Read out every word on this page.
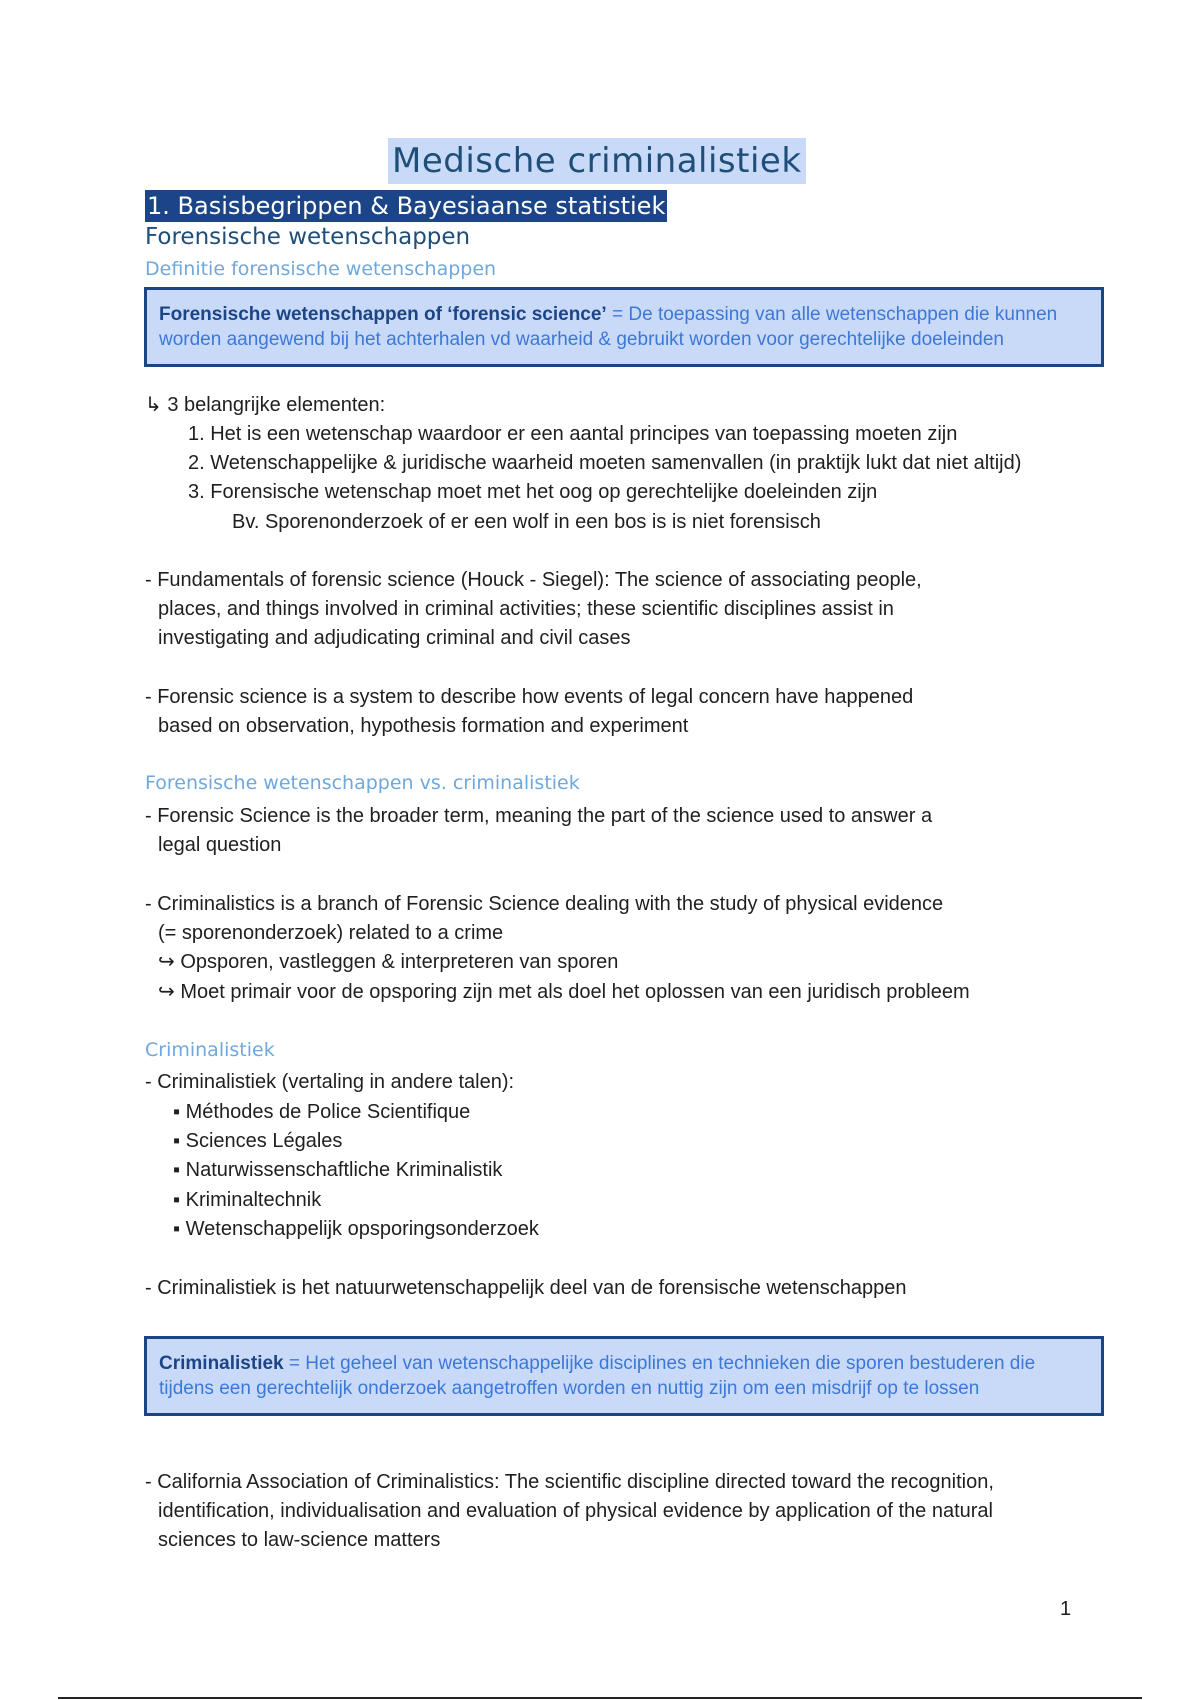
Medische criminalistiek
1. Basisbegrippen & Bayesiaanse statistiek
Forensische wetenschappen
Definitie forensische wetenschappen
Forensische wetenschappen of ‘forensic science’ = De toepassing van alle wetenschappen die kunnen worden aangewend bij het achterhalen vd waarheid & gebruikt worden voor gerechtelijke doeleinden
↳ 3 belangrijke elementen:
1. Het is een wetenschap waardoor er een aantal principes van toepassing moeten zijn
2. Wetenschappelijke & juridische waarheid moeten samenvallen (in praktijk lukt dat niet altijd)
3. Forensische wetenschap moet met het oog op gerechtelijke doeleinden zijn
Bv. Sporenonderzoek of er een wolf in een bos is is niet forensisch
- Fundamentals of forensic science (Houck - Siegel): The science of associating people,
places, and things involved in criminal activities; these scientific disciplines assist in
investigating and adjudicating criminal and civil cases
- Forensic science is a system to describe how events of legal concern have happened
based on observation, hypothesis formation and experiment
Forensische wetenschappen vs. criminalistiek
- Forensic Science is the broader term, meaning the part of the science used to answer a
legal question
- Criminalistics is a branch of Forensic Science dealing with the study of physical evidence
(= sporenonderzoek) related to a crime
↪ Opsporen, vastleggen & interpreteren van sporen
↪ Moet primair voor de opsporing zijn met als doel het oplossen van een juridisch probleem
Criminalistiek
- Criminalistiek (vertaling in andere talen):
▪ Méthodes de Police Scientifique
▪ Sciences Légales
▪ Naturwissenschaftliche Kriminalistik
▪ Kriminaltechnik
▪ Wetenschappelijk opsporingsonderzoek
- Criminalistiek is het natuurwetenschappelijk deel van de forensische wetenschappen
Criminalistiek = Het geheel van wetenschappelijke disciplines en technieken die sporen bestuderen die tijdens een gerechtelijk onderzoek aangetroffen worden en nuttig zijn om een misdrijf op te lossen
- California Association of Criminalistics: The scientific discipline directed toward the recognition,
identification, individualisation and evaluation of physical evidence by application of the natural
sciences to law-science matters
1
